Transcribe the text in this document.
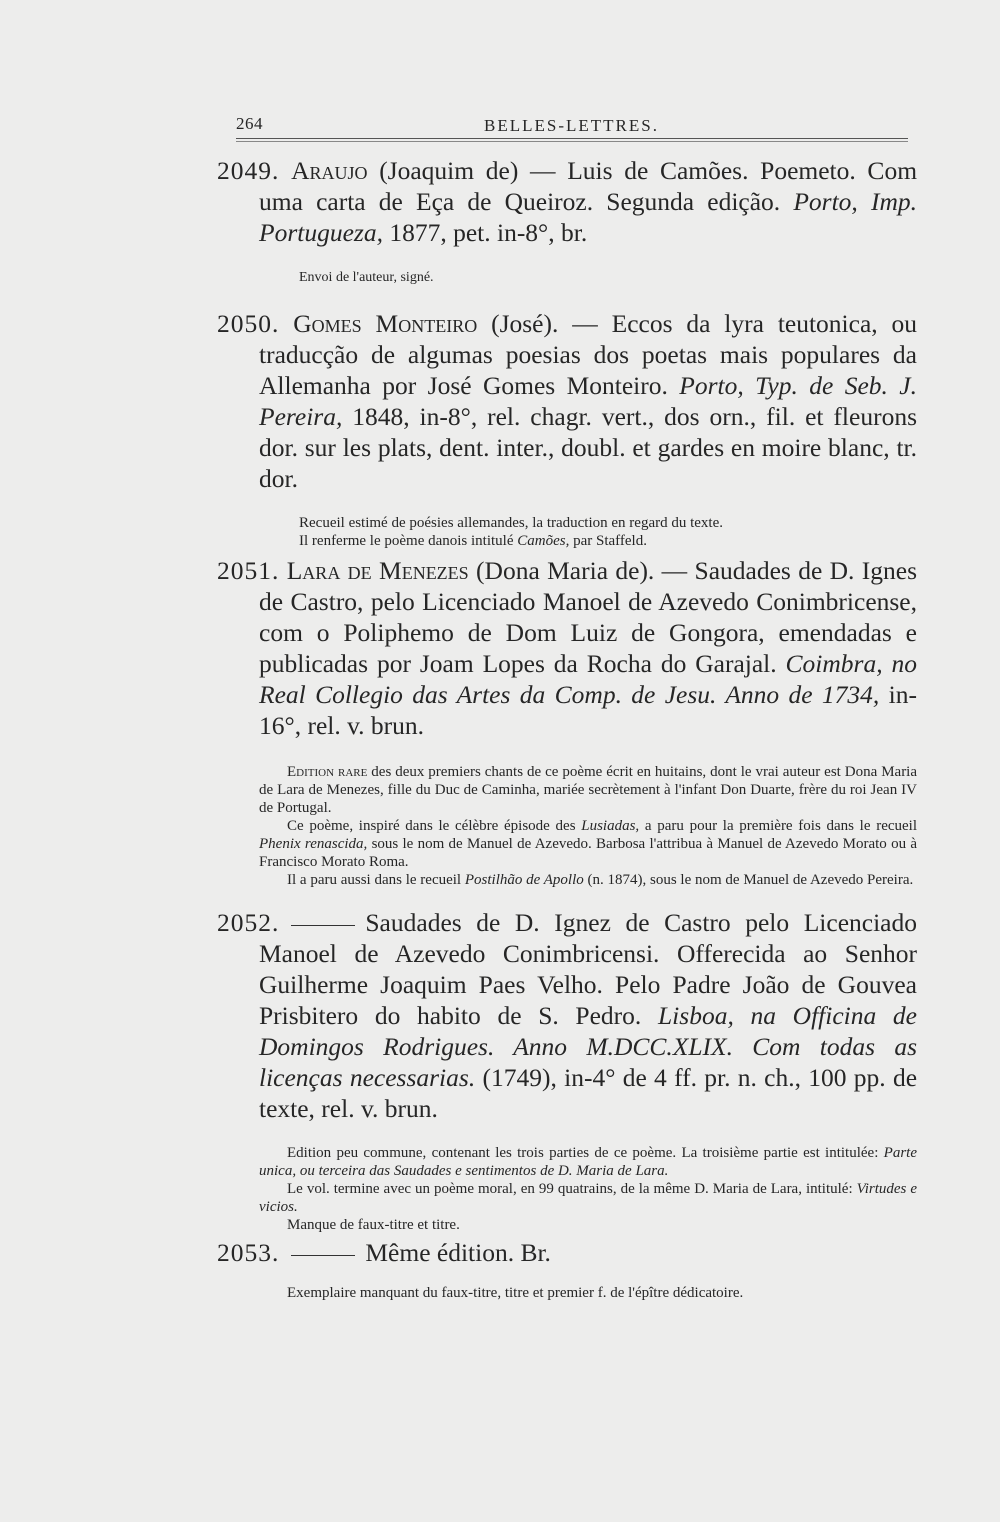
264	BELLES-LETTRES.

2049. Araujo (Joaquim de) — Luis de Camões. Poemeto. Com uma carta de Eça de Queiroz. Segunda edição. Porto, Imp. Portugueza, 1877, pet. in-8°, br.

Envoi de l'auteur, signé.

2050. Gomes Monteiro (José). — Eccos da lyra teutonica, ou traducção de algumas poesias dos poetas mais populares da Allemanha por José Gomes Monteiro. Porto, Typ. de Seb. J. Pereira, 1848, in-8°, rel. chagr. vert., dos orn., fil. et fleurons dor. sur les plats, dent. inter., doubl. et gardes en moire blanc, tr. dor.

Recueil estimé de poésies allemandes, la traduction en regard du texte.

Il renferme le poème danois intitulé Camões, par Staffeld.

2051. Lara de Menezes (Dona Maria de). — Saudades de D. Ignes de Castro, pelo Licenciado Manoel de Azevedo Conimbricense, com o Poliphemo de Dom Luiz de Gongora, emendadas e publicadas por Joam Lopes da Rocha do Garajal. Coimbra, no Real Collegio das Artes da Comp. de Jesu. Anno de 1734, in-16°, rel. v. brun.

Edition rare des deux premiers chants de ce poème écrit en huitains, dont le vrai auteur est Dona Maria de Lara de Menezes, fille du Duc de Caminha, mariée secrètement à l'infant Don Duarte, frère du roi Jean IV de Portugal.

Ce poème, inspiré dans le célèbre épisode des Lusiadas, a paru pour la première fois dans le recueil Phenix renascida, sous le nom de Manuel de Azevedo. Barbosa l'attribua à Manuel de Azevedo Morato ou à Francisco Morato Roma.

Il a paru aussi dans le recueil Postilhão de Apollo (n. 1874), sous le nom de Manuel de Azevedo Pereira.

2052.	Saudades de D. Ignez de Castro pelo Licenciado Manoel de Azevedo Conimbricensi. Offerecida ao Senhor Guilherme Joaquim Paes Velho. Pelo Padre João de Gouvea Prisbitero do habito de S. Pedro. Lisboa, na Officina de Domingos Rodrigues. Anno M.DCC.XLIX. Com todas as licenças necessarias. (1749), in-4° de 4 ff. pr. n. ch., 100 pp. de texte, rel. v. brun.

Edition peu commune, contenant les trois parties de ce poème. La troisième partie est intitulée: Parte unica, ou terceira das Saudades e sentimentos de D. Maria de Lara.

Le vol. termine avec un poème moral, en 99 quatrains, de la même D. Maria de Lara, intitulé: Virtudes e vicios.

Manque de faux-titre et titre.

2053.	Même édition. Br.

Exemplaire manquant du faux-titre, titre et premier f. de l'épître dédicatoire.
